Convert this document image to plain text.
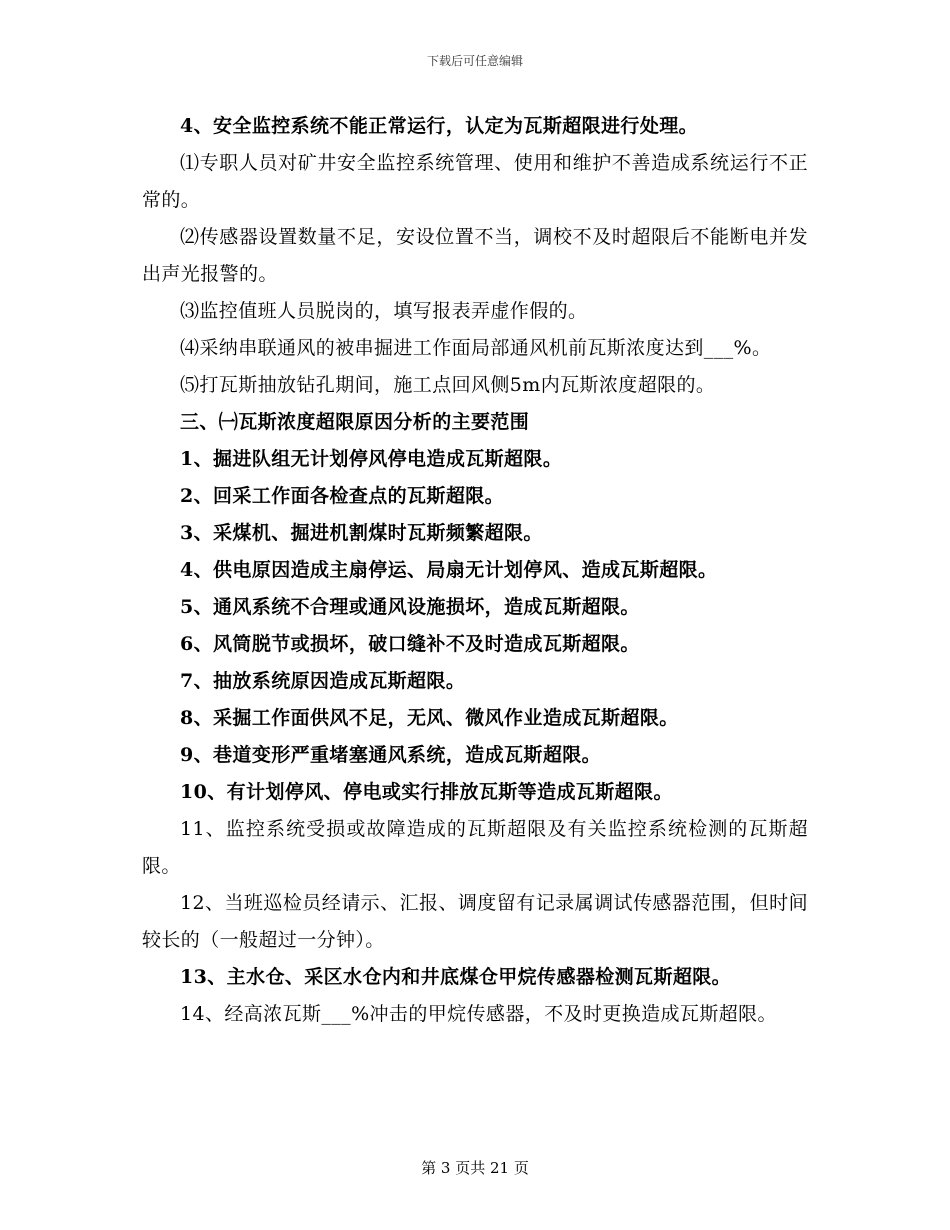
下载后可任意编辑

4、安全监控系统不能正常运行，认定为瓦斯超限进行处理。

⑴专职人员对矿井安全监控系统管理、使用和维护不善造成系统运行不正常的。

⑵传感器设置数量不足，安设位置不当，调校不及时超限后不能断电并发出声光报警的。

⑶监控值班人员脱岗的，填写报表弄虚作假的。

⑷采纳串联通风的被串掘进工作面局部通风机前瓦斯浓度达到___%。

⑸打瓦斯抽放钻孔期间，施工点回风侧5m内瓦斯浓度超限的。

三、㈠瓦斯浓度超限原因分析的主要范围

1、掘进队组无计划停风停电造成瓦斯超限。

2、回采工作面各检查点的瓦斯超限。

3、采煤机、掘进机割煤时瓦斯频繁超限。

4、供电原因造成主扇停运、局扇无计划停风、造成瓦斯超限。

5、通风系统不合理或通风设施损坏，造成瓦斯超限。

6、风筒脱节或损坏，破口缝补不及时造成瓦斯超限。

7、抽放系统原因造成瓦斯超限。

8、采掘工作面供风不足，无风、微风作业造成瓦斯超限。

9、巷道变形严重堵塞通风系统，造成瓦斯超限。

10、有计划停风、停电或实行排放瓦斯等造成瓦斯超限。

11、监控系统受损或故障造成的瓦斯超限及有关监控系统检测的瓦斯超限。

12、当班巡检员经请示、汇报、调度留有记录属调试传感器范围，但时间较长的（一般超过一分钟）。

13、主水仓、采区水仓内和井底煤仓甲烷传感器检测瓦斯超限。

14、经高浓瓦斯___%冲击的甲烷传感器，不及时更换造成瓦斯超限。

第 3 页共 21 页
